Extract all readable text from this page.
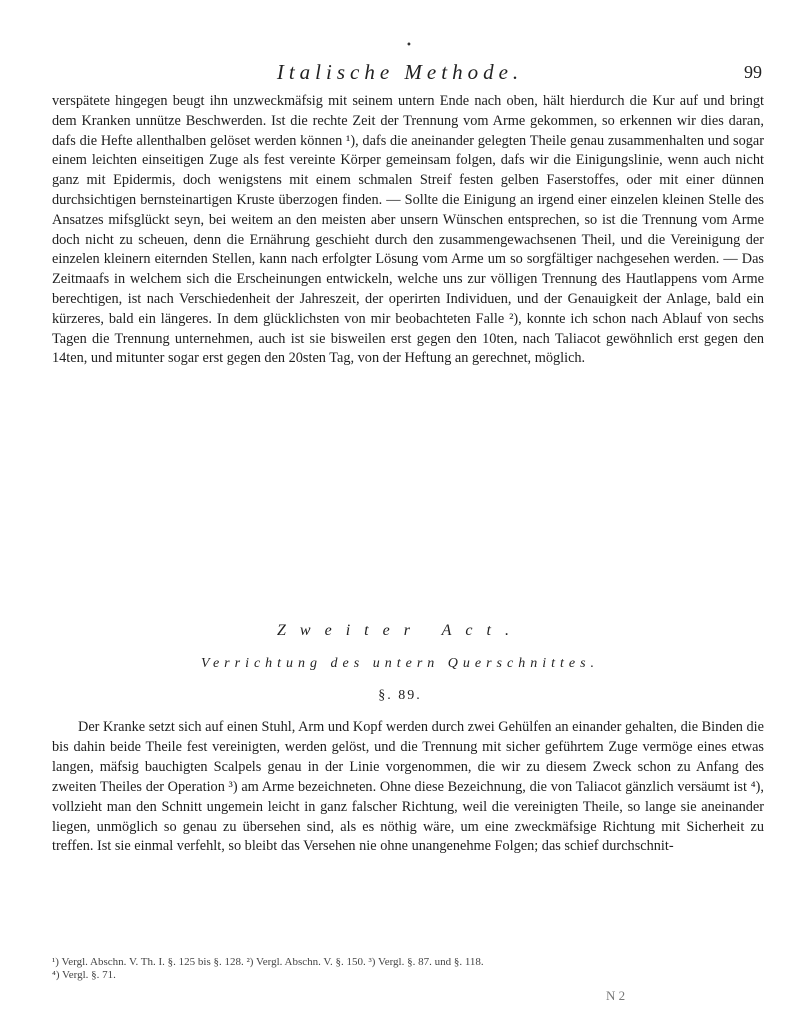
•
Italische Methode.	99

verspätete hingegen beugt ihn unzweckmäfsig mit seinem untern Ende nach oben, hält hierdurch die Kur auf und bringt dem Kranken unnütze Beschwerden. Ist die rechte Zeit der Trennung vom Arme gekommen, so erkennen wir dies daran, dafs die Hefte allenthalben gelöset werden können ¹), dafs die aneinander gelegten Theile genau zusammenhalten und sogar einem leichten einseitigen Zuge als fest vereinte Körper gemeinsam folgen, dafs wir die Einigungslinie, wenn auch nicht ganz mit Epidermis, doch wenigstens mit einem schmalen Streif festen gelben Faserstoffes, oder mit einer dünnen durchsichtigen bernsteinartigen Kruste überzogen finden. — Sollte die Einigung an irgend einer einzelen kleinen Stelle des Ansatzes mifsglückt seyn, bei weitem an den meisten aber unsern Wünschen entsprechen, so ist die Trennung vom Arme doch nicht zu scheuen, denn die Ernährung geschieht durch den zusammengewachsenen Theil, und die Vereinigung der einzelen kleinern eiternden Stellen, kann nach erfolgter Lösung vom Arme um so sorgfältiger nachgesehen werden. — Das Zeitmaafs in welchem sich die Erscheinungen entwickeln, welche uns zur völligen Trennung des Hautlappens vom Arme berechtigen, ist nach Verschiedenheit der Jahreszeit, der operirten Individuen, und der Genauigkeit der Anlage, bald ein kürzeres, bald ein längeres. In dem glücklichsten von mir beobachteten Falle ²), konnte ich schon nach Ablauf von sechs Tagen die Trennung unternehmen, auch ist sie bisweilen erst gegen den 10ten, nach Taliacot gewöhnlich erst gegen den 14ten, und mitunter sogar erst gegen den 20sten Tag, von der Heftung an gerechnet, möglich.

Zweiter Act.
Verrichtung des untern Querschnittes.
§. 89.

Der Kranke setzt sich auf einen Stuhl, Arm und Kopf werden durch zwei Gehülfen an einander gehalten, die Binden die bis dahin beide Theile fest vereinigten, werden gelöst, und die Trennung mit sicher geführtem Zuge vermöge eines etwas langen, mäfsig bauchigten Scalpels genau in der Linie vorgenommen, die wir zu diesem Zweck schon zu Anfang des zweiten Theiles der Operation ³) am Arme bezeichneten. Ohne diese Bezeichnung, die von Taliacot gänzlich versäumt ist ⁴), vollzieht man den Schnitt ungemein leicht in ganz falscher Richtung, weil die vereinigten Theile, so lange sie aneinander liegen, unmöglich so genau zu übersehen sind, als es nöthig wäre, um eine zweckmäfsige Richtung mit Sicherheit zu treffen. Ist sie einmal verfehlt, so bleibt das Versehen nie ohne unangenehme Folgen; das schief durchschnit-

¹) Vergl. Abschn. V. Th. I. §. 125 bis §. 128. ²) Vergl. Abschn. V. §. 150. ³) Vergl. §. 87. und §. 118.
⁴) Vergl. §. 71.
N 2
